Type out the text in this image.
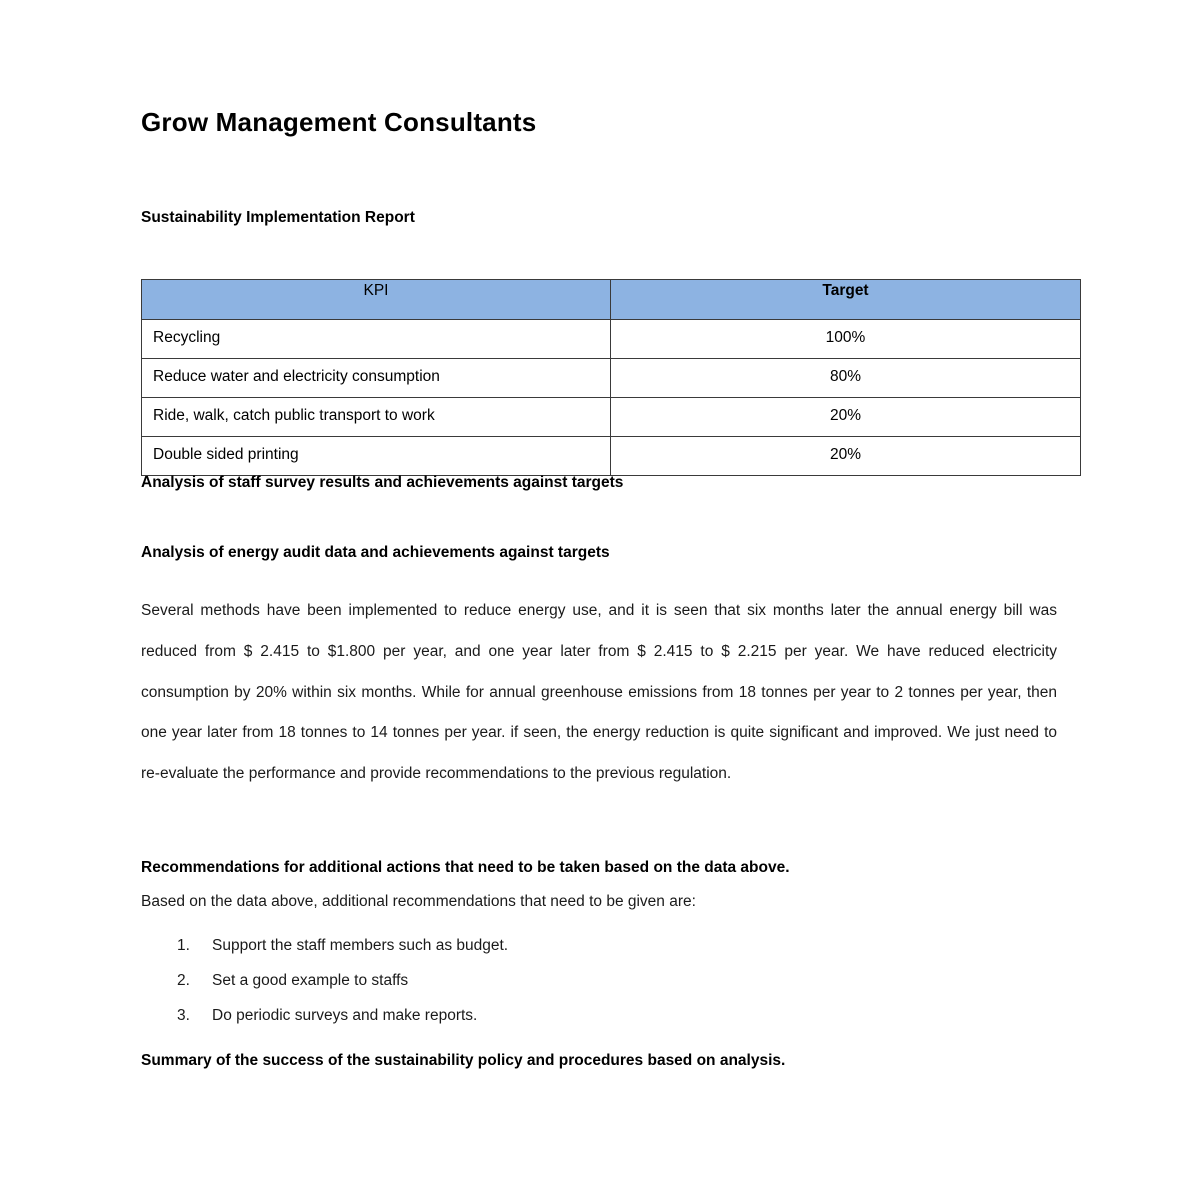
Grow Management Consultants
Sustainability Implementation Report
KPI	Target
Recycling	100%
Reduce water and electricity consumption	80%
Ride, walk, catch public transport to work	20%
Double sided printing	20%
Analysis of staff survey results and achievements against targets
Analysis of energy audit data and achievements against targets
Several methods have been implemented to reduce energy use, and it is seen that six months later the annual energy bill was reduced from $ 2.415 to $1.800 per year, and one year later from $ 2.415 to $ 2.215 per year. We have reduced electricity consumption by 20% within six months. While for annual greenhouse emissions from 18 tonnes per year to 2 tonnes per year, then one year later from 18 tonnes to 14 tonnes per year. if seen, the energy reduction is quite significant and improved. We just need to re-evaluate the performance and provide recommendations to the previous regulation.
Recommendations for additional actions that need to be taken based on the data above.
Based on the data above, additional recommendations that need to be given are:
1. Support the staff members such as budget.
2. Set a good example to staffs
3. Do periodic surveys and make reports.
Summary of the success of the sustainability policy and procedures based on analysis.
